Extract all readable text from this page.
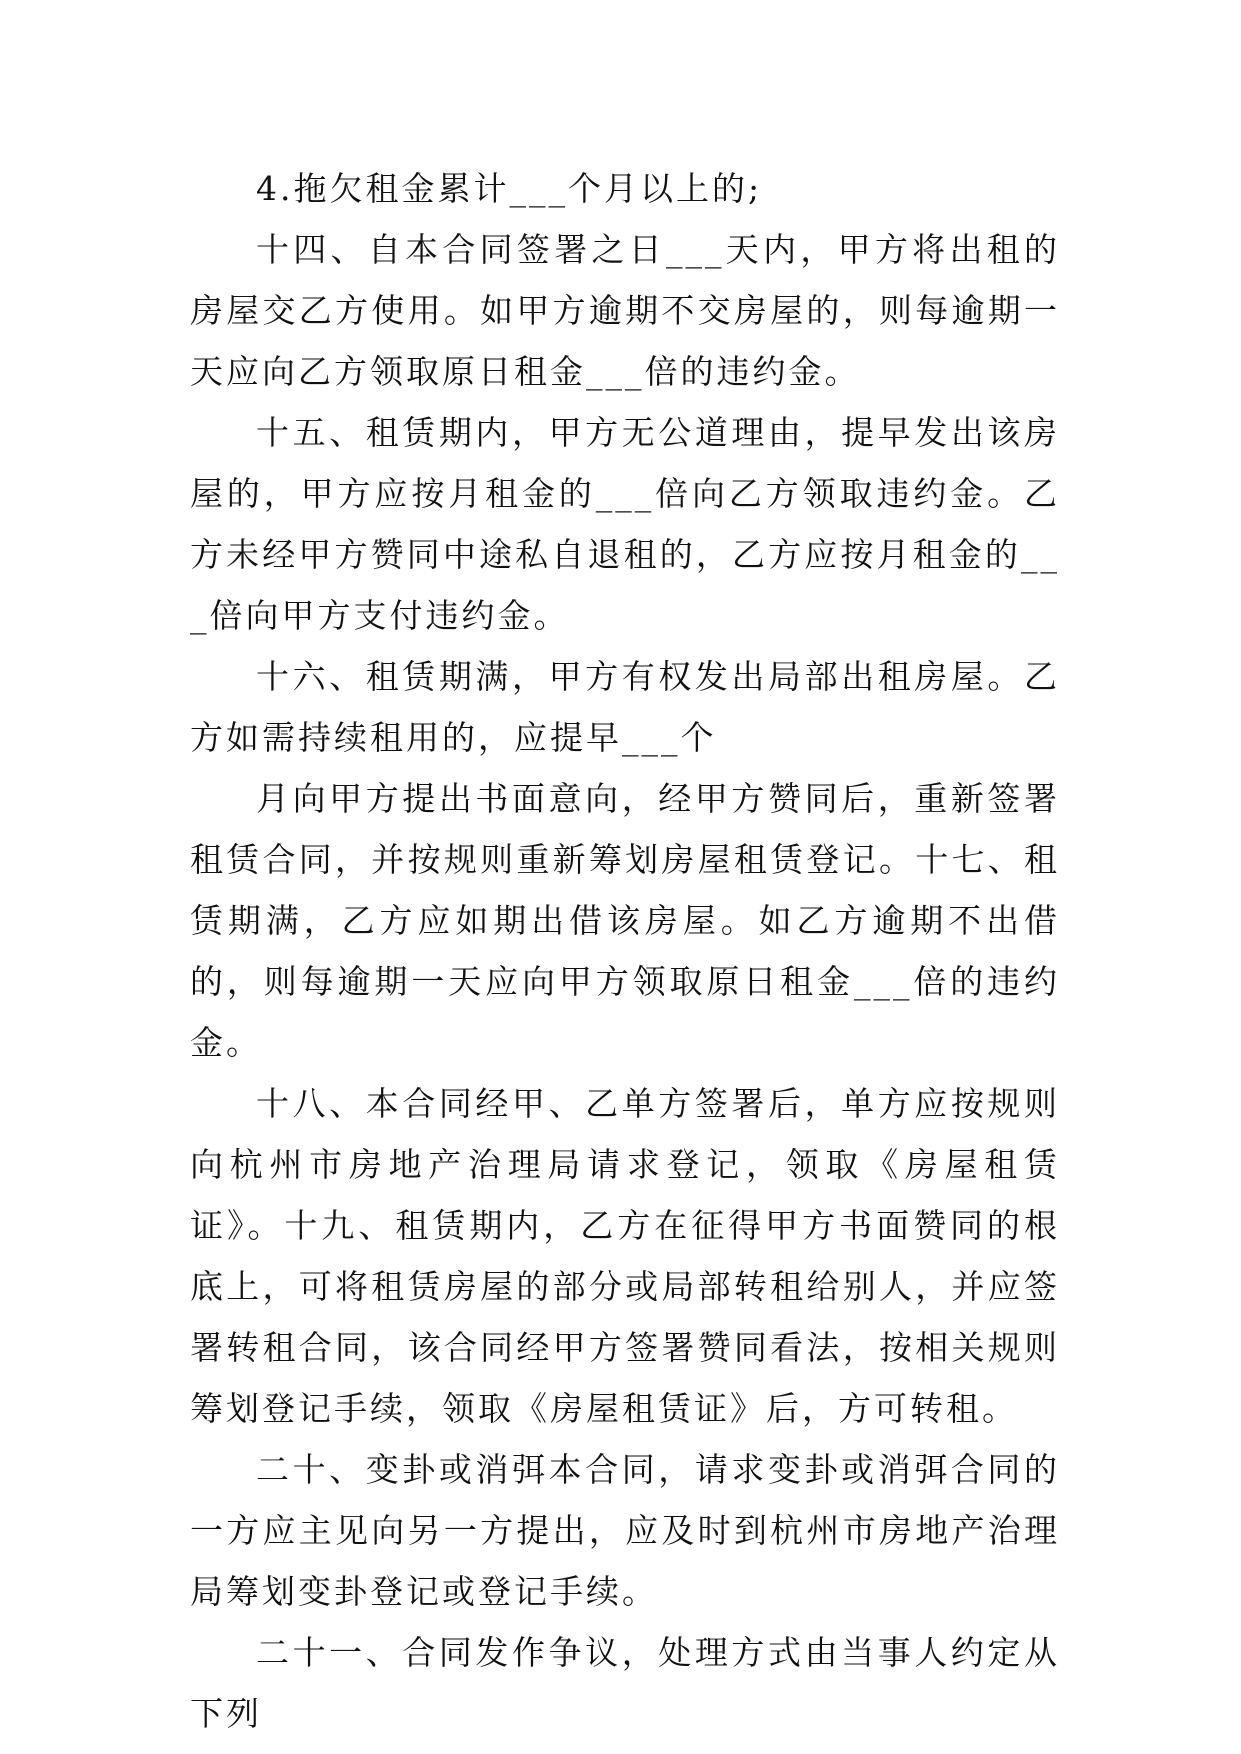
4.拖欠租金累计___个月以上的;

十四、自本合同签署之日___天内，甲方将出租的房屋交乙方使用。如甲方逾期不交房屋的，则每逾期一天应向乙方领取原日租金___倍的违约金。

十五、租赁期内，甲方无公道理由，提早发出该房屋的，甲方应按月租金的___倍向乙方领取违约金。乙方未经甲方赞同中途私自退租的，乙方应按月租金的___倍向甲方支付违约金。

十六、租赁期满，甲方有权发出局部出租房屋。乙方如需持续租用的，应提早___个

月向甲方提出书面意向，经甲方赞同后，重新签署租赁合同，并按规则重新筹划房屋租赁登记。十七、租赁期满，乙方应如期出借该房屋。如乙方逾期不出借的，则每逾期一天应向甲方领取原日租金___倍的违约金。

十八、本合同经甲、乙单方签署后，单方应按规则向杭州市房地产治理局请求登记，领取《房屋租赁证》。十九、租赁期内，乙方在征得甲方书面赞同的根底上，可将租赁房屋的部分或局部转租给别人，并应签署转租合同，该合同经甲方签署赞同看法，按相关规则筹划登记手续，领取《房屋租赁证》后，方可转租。

二十、变卦或消弭本合同，请求变卦或消弭合同的一方应主见向另一方提出，应及时到杭州市房地产治理局筹划变卦登记或登记手续。

二十一、合同发作争议，处理方式由当事人约定从下列
